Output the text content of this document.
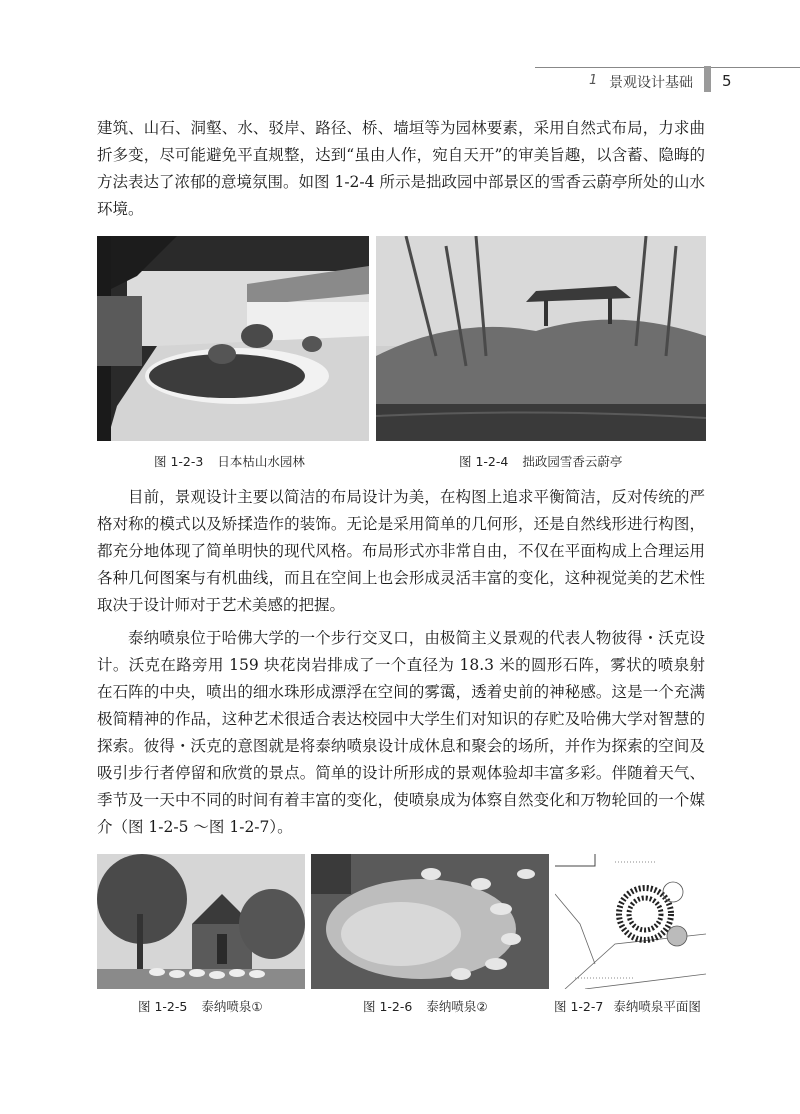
1 景观设计基础 5

建筑、山石、洞壑、水、驳岸、路径、桥、墙垣等为园林要素，采用自然式布局，力求曲折多变，尽可能避免平直规整，达到“虽由人作，宛自天开”的审美旨趣，以含蓄、隐晦的方法表达了浓郁的意境氛围。如图 1-2-4 所示是拙政园中部景区的雪香云蔚亭所处的山水环境。

图 1-2-3 日本枯山水园林	图 1-2-4 拙政园雪香云蔚亭

目前，景观设计主要以简洁的布局设计为美，在构图上追求平衡简洁，反对传统的严格对称的模式以及矫揉造作的装饰。无论是采用简单的几何形，还是自然线形进行构图，都充分地体现了简单明快的现代风格。布局形式亦非常自由，不仅在平面构成上合理运用各种几何图案与有机曲线，而且在空间上也会形成灵活丰富的变化，这种视觉美的艺术性取决于设计师对于艺术美感的把握。

泰纳喷泉位于哈佛大学的一个步行交叉口，由极简主义景观的代表人物彼得・沃克设计。沃克在路旁用 159 块花岗岩排成了一个直径为 18.3 米的圆形石阵，雾状的喷泉射在石阵的中央，喷出的细水珠形成漂浮在空间的雾霭，透着史前的神秘感。这是一个充满极简精神的作品，这种艺术很适合表达校园中大学生们对知识的存贮及哈佛大学对智慧的探索。彼得・沃克的意图就是将泰纳喷泉设计成休息和聚会的场所，并作为探索的空间及吸引步行者停留和欣赏的景点。简单的设计所形成的景观体验却丰富多彩。伴随着天气、季节及一天中不同的时间有着丰富的变化，使喷泉成为体察自然变化和万物轮回的一个媒介（图 1-2-5 ～图 1-2-7）。

图 1-2-5 泰纳喷泉①	图 1-2-6 泰纳喷泉②	图 1-2-7 泰纳喷泉平面图
